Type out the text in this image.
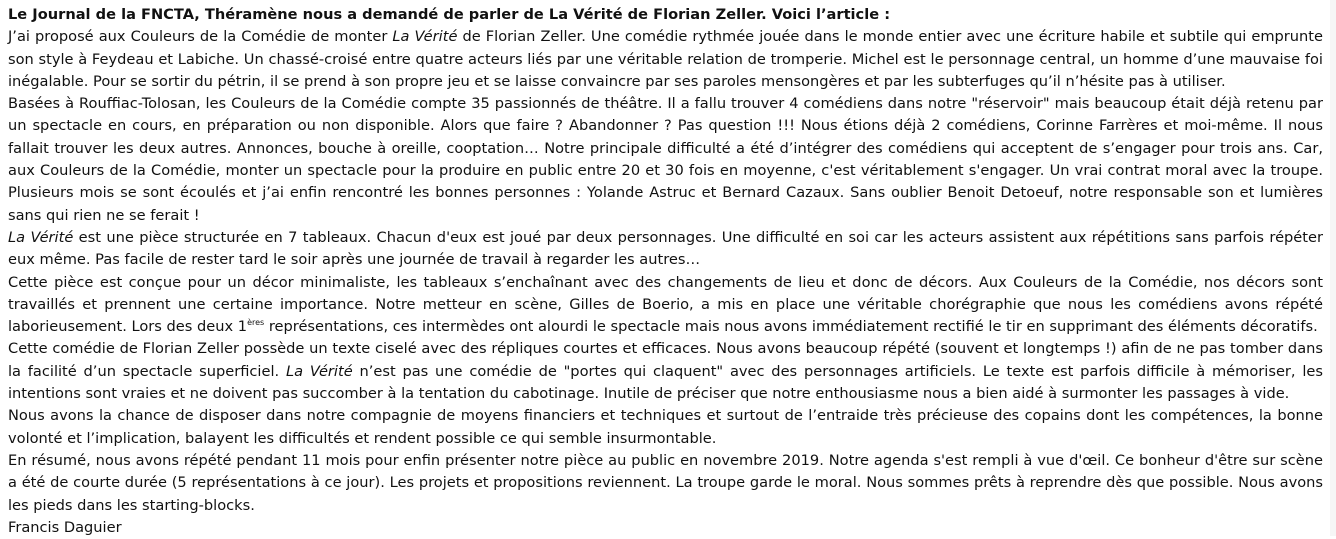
Le Journal de la FNCTA, Théramène nous a demandé de parler de La Vérité de Florian Zeller. Voici l’article :

J’ai proposé aux Couleurs de la Comédie de monter La Vérité de Florian Zeller. Une comédie rythmée jouée dans le monde entier avec une écriture habile et subtile qui emprunte son style à Feydeau et Labiche. Un chassé-croisé entre quatre acteurs liés par une véritable relation de tromperie. Michel est le personnage central, un homme d’une mauvaise foi inégalable. Pour se sortir du pétrin, il se prend à son propre jeu et se laisse convaincre par ses paroles mensongères et par les subterfuges qu’il n’hésite pas à utiliser.

Basées à Rouffiac-Tolosan, les Couleurs de la Comédie compte 35 passionnés de théâtre. Il a fallu trouver 4 comédiens dans notre "réservoir" mais beaucoup était déjà retenu par un spectacle en cours, en préparation ou non disponible. Alors que faire ? Abandonner ? Pas question !!! Nous étions déjà 2 comédiens, Corinne Farrères et moi-même. Il nous fallait trouver les deux autres. Annonces, bouche à oreille, cooptation… Notre principale difficulté a été d’intégrer des comédiens qui acceptent de s’engager pour trois ans. Car, aux Couleurs de la Comédie, monter un spectacle pour la produire en public entre 20 et 30 fois en moyenne, c'est véritablement s'engager. Un vrai contrat moral avec la troupe. Plusieurs mois se sont écoulés et j’ai enfin rencontré les bonnes personnes : Yolande Astruc et Bernard Cazaux. Sans oublier Benoit Detoeuf, notre responsable son et lumières sans qui rien ne se ferait !

La Vérité est une pièce structurée en 7 tableaux. Chacun d'eux est joué par deux personnages. Une difficulté en soi car les acteurs assistent aux répétitions sans parfois répéter eux même. Pas facile de rester tard le soir après une journée de travail à regarder les autres…

Cette pièce est conçue pour un décor minimaliste, les tableaux s’enchaînant avec des changements de lieu et donc de décors. Aux Couleurs de la Comédie, nos décors sont travaillés et prennent une certaine importance. Notre metteur en scène, Gilles de Boerio, a mis en place une véritable chorégraphie que nous les comédiens avons répété laborieusement. Lors des deux 1ères représentations, ces intermèdes ont alourdi le spectacle mais nous avons immédiatement rectifié le tir en supprimant des éléments décoratifs.

Cette comédie de Florian Zeller possède un texte ciselé avec des répliques courtes et efficaces. Nous avons beaucoup répété (souvent et longtemps !) afin de ne pas tomber dans la facilité d’un spectacle superficiel. La Vérité n’est pas une comédie de "portes qui claquent" avec des personnages artificiels. Le texte est parfois difficile à mémoriser, les intentions sont vraies et ne doivent pas succomber à la tentation du cabotinage. Inutile de préciser que notre enthousiasme nous a bien aidé à surmonter les passages à vide.

Nous avons la chance de disposer dans notre compagnie de moyens financiers et techniques et surtout de l’entraide très précieuse des copains dont les compétences, la bonne volonté et l’implication, balayent les difficultés et rendent possible ce qui semble insurmontable.

En résumé, nous avons répété pendant 11 mois pour enfin présenter notre pièce au public en novembre 2019. Notre agenda s'est rempli à vue d'œil. Ce bonheur d'être sur scène a été de courte durée (5 représentations à ce jour). Les projets et propositions reviennent. La troupe garde le moral. Nous sommes prêts à reprendre dès que possible. Nous avons les pieds dans les starting-blocks.

Francis Daguier
